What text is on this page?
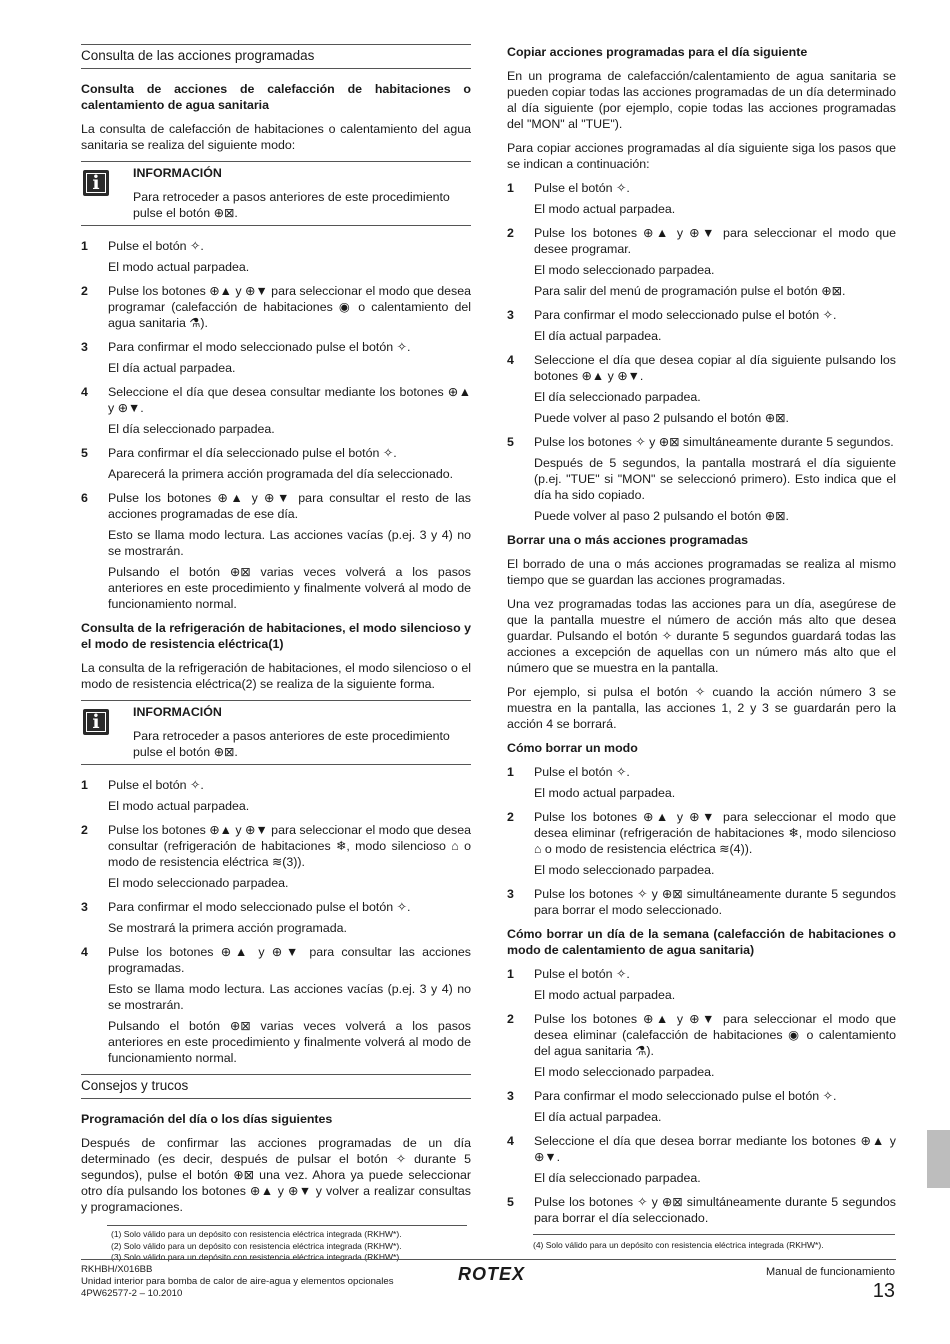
Consulta de las acciones programadas
Consulta de acciones de calefacción de habitaciones o calentamiento de agua sanitaria

La consulta de calefacción de habitaciones o calentamiento del agua sanitaria se realiza del siguiente modo:

i	INFORMACIÓN
Para retroceder a pasos anteriores de este procedimiento pulse el botón ⊕⊠.
1 Pulse el botón ✧.
El modo actual parpadea.
2 Pulse los botones ⊕▲ y ⊕▼ para seleccionar el modo que desea programar (calefacción de habitaciones ◉ o calentamiento del agua sanitaria ⚗).
3 Para confirmar el modo seleccionado pulse el botón ✧.
El día actual parpadea.
4 Seleccione el día que desea consultar mediante los botones ⊕▲ y ⊕▼.
El día seleccionado parpadea.
5 Para confirmar el día seleccionado pulse el botón ✧.
Aparecerá la primera acción programada del día seleccionado.
6 Pulse los botones ⊕▲ y ⊕▼ para consultar el resto de las acciones programadas de ese día.
Esto se llama modo lectura. Las acciones vacías (p.ej. 3 y 4) no se mostrarán.
Pulsando el botón ⊕⊠ varias veces volverá a los pasos anteriores en este procedimiento y finalmente volverá al modo de funcionamiento normal.
Consulta de la refrigeración de habitaciones, el modo silencioso y el modo de resistencia eléctrica(1)

La consulta de la refrigeración de habitaciones, el modo silencioso o el modo de resistencia eléctrica(2) se realiza de la siguiente forma.

i	INFORMACIÓN
Para retroceder a pasos anteriores de este procedimiento pulse el botón ⊕⊠.
1 Pulse el botón ✧.
El modo actual parpadea.
2 Pulse los botones ⊕▲ y ⊕▼ para seleccionar el modo que desea consultar (refrigeración de habitaciones ❄, modo silencioso ⌂ o modo de resistencia eléctrica ≋(3)).
El modo seleccionado parpadea.
3 Para confirmar el modo seleccionado pulse el botón ✧.
Se mostrará la primera acción programada.
4 Pulse los botones ⊕▲ y ⊕▼ para consultar las acciones programadas.
Esto se llama modo lectura. Las acciones vacías (p.ej. 3 y 4) no se mostrarán.
Pulsando el botón ⊕⊠ varias veces volverá a los pasos anteriores en este procedimiento y finalmente volverá al modo de funcionamiento normal.
Consejos y trucos
Programación del día o los días siguientes

Después de confirmar las acciones programadas de un día determinado (es decir, después de pulsar el botón ✧ durante 5 segundos), pulse el botón ⊕⊠ una vez. Ahora ya puede seleccionar otro día pulsando los botones ⊕▲ y ⊕▼ y volver a realizar consultas y programaciones.

(1) Solo válido para un depósito con resistencia eléctrica integrada (RKHW*).
(2) Solo válido para un depósito con resistencia eléctrica integrada (RKHW*).
(3) Solo válido para un depósito con resistencia eléctrica integrada (RKHW*).
Copiar acciones programadas para el día siguiente

En un programa de calefacción/calentamiento de agua sanitaria se pueden copiar todas las acciones programadas de un día determinado al día siguiente (por ejemplo, copie todas las acciones programadas del "MON" al "TUE").

Para copiar acciones programadas al día siguiente siga los pasos que se indican a continuación:

1 Pulse el botón ✧.
El modo actual parpadea.
2 Pulse los botones ⊕▲ y ⊕▼ para seleccionar el modo que desee programar.
El modo seleccionado parpadea.
Para salir del menú de programación pulse el botón ⊕⊠.
3 Para confirmar el modo seleccionado pulse el botón ✧.
El día actual parpadea.
4 Seleccione el día que desea copiar al día siguiente pulsando los botones ⊕▲ y ⊕▼.
El día seleccionado parpadea.
Puede volver al paso 2 pulsando el botón ⊕⊠.
5 Pulse los botones ✧ y ⊕⊠ simultáneamente durante 5 segundos.
Después de 5 segundos, la pantalla mostrará el día siguiente (p.ej. "TUE" si "MON" se seleccionó primero). Esto indica que el día ha sido copiado.
Puede volver al paso 2 pulsando el botón ⊕⊠.
Borrar una o más acciones programadas

El borrado de una o más acciones programadas se realiza al mismo tiempo que se guardan las acciones programadas.

Una vez programadas todas las acciones para un día, asegúrese de que la pantalla muestre el número de acción más alto que desea guardar. Pulsando el botón ✧ durante 5 segundos guardará todas las acciones a excepción de aquellas con un número más alto que el número que se muestra en la pantalla.

Por ejemplo, si pulsa el botón ✧ cuando la acción número 3 se muestra en la pantalla, las acciones 1, 2 y 3 se guardarán pero la acción 4 se borrará.

Cómo borrar un modo
1 Pulse el botón ✧.
El modo actual parpadea.
2 Pulse los botones ⊕▲ y ⊕▼ para seleccionar el modo que desea eliminar (refrigeración de habitaciones ❄, modo silencioso ⌂ o modo de resistencia eléctrica ≋(4)).
El modo seleccionado parpadea.
3 Pulse los botones ✧ y ⊕⊠ simultáneamente durante 5 segundos para borrar el modo seleccionado.
Cómo borrar un día de la semana (calefacción de habitaciones o modo de calentamiento de agua sanitaria)
1 Pulse el botón ✧.
El modo actual parpadea.
2 Pulse los botones ⊕▲ y ⊕▼ para seleccionar el modo que desea eliminar (calefacción de habitaciones ◉ o calentamiento del agua sanitaria ⚗).
El modo seleccionado parpadea.
3 Para confirmar el modo seleccionado pulse el botón ✧.
El día actual parpadea.
4 Seleccione el día que desea borrar mediante los botones ⊕▲ y ⊕▼.
El día seleccionado parpadea.
5 Pulse los botones ✧ y ⊕⊠ simultáneamente durante 5 segundos para borrar el día seleccionado.
(4) Solo válido para un depósito con resistencia eléctrica integrada (RKHW*).
RKHBH/X016BB
Unidad interior para bomba de calor de aire-agua y elementos opcionales
4PW62577-2 – 10.2010
ROTEX	Manual de funcionamiento
13
